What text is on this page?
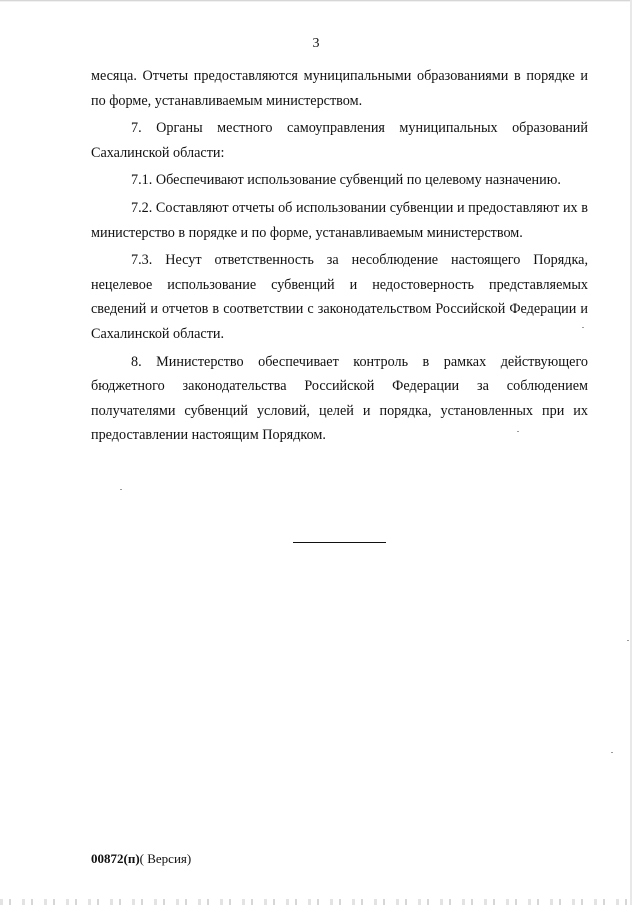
3

месяца. Отчеты предоставляются муниципальными образованиями в порядке и по форме, устанавливаемым министерством.

7. Органы местного самоуправления муниципальных образований Сахалинской области:

7.1. Обеспечивают использование субвенций по целевому назначению.

7.2. Составляют отчеты об использовании субвенции и предоставляют их в министерство в порядке и по форме, устанавливаемым министерством.

7.3. Несут ответственность за несоблюдение настоящего Порядка, нецелевое использование субвенций и недостоверность представляемых сведений и отчетов в соответствии с законодательством Российской Федерации и Сахалинской области.

8. Министерство обеспечивает контроль в рамках действующего бюджетного законодательства Российской Федерации за соблюдением получателями субвенций условий, целей и порядка, установленных при их предоставлении настоящим Порядком.

00872(п)( Версия)
